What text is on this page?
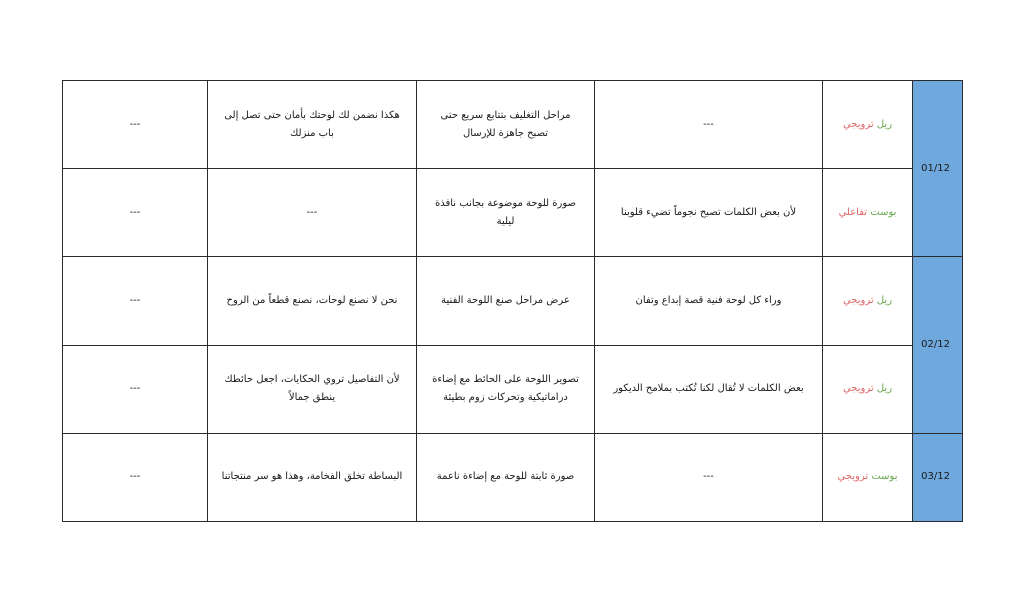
01/12	ريل ترويجي	---	مراحل التغليف بتتابع سريع حتى تصبح جاهزة للإرسال	هكذا نضمن لك لوحتك بأمان حتى تصل إلى باب منزلك	---
	بوست تفاعلي	لأن بعض الكلمات تصبح نجوماً تضيء قلوبنا	صورة للوحة موضوعة بجانب نافذة ليلية	---	---
02/12	ريل ترويجي	وراء كل لوحة فنية قصة إبداع وتفان	عرض مراحل صنع اللوحة الفنية	نحن لا نصنع لوحات، نصنع قطعاً من الروح	---
	ريل ترويجي	بعض الكلمات لا تُقال لكنا تُكتب بملامح الديكور	تصوير اللوحة على الحائط مع إضاءة دراماتيكية وتحركات زوم بطيئة	لأن التفاصيل تروي الحكايات، اجعل حائطك ينطق جمالاً	---
03/12	بوست ترويجي	---	صورة ثابتة للوحة مع إضاءة ناعمة	البساطة تخلق الفخامة، وهذا هو سر منتجاتنا	---
